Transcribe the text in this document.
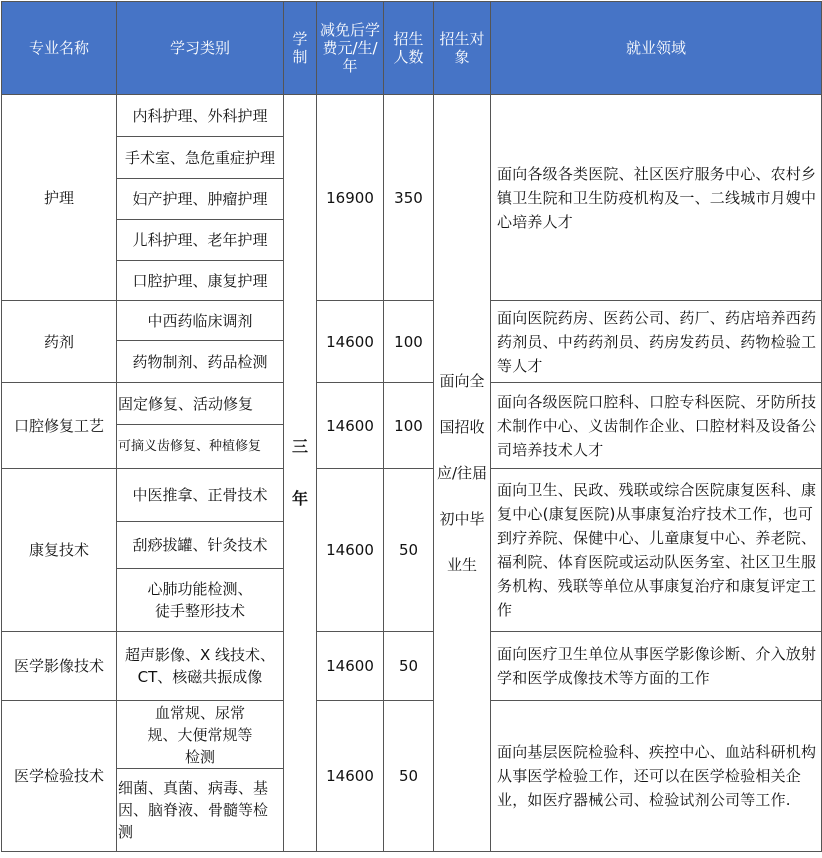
专业名称	学习类别	学制	减免后学费元/生/年	招生人数	招生对象	就业领域
护理	内科护理、外科护理	三年	16900	350	面向全国招收应/往届初中毕业生	面向各级各类医院、社区医疗服务中心、农村乡镇卫生院和卫生防疫机构及一、二线城市月嫂中心培养人才
	手术室、急危重症护理					
	妇产护理、肿瘤护理					
	儿科护理、老年护理					
	口腔护理、康复护理					
药剂	中西药临床调剂		14600	100		面向医院药房、医药公司、药厂、药店培养西药药剂员、中药药剂员、药房发药员、药物检验工等人才
	药物制剂、药品检测					
口腔修复工艺	固定修复、活动修复		14600	100		面向各级医院口腔科、口腔专科医院、牙防所技术制作中心、义齿制作企业、口腔材料及设备公司培养技术人才
	可摘义齿修复、种植修复					
康复技术	中医推拿、正骨技术		14600	50		面向卫生、民政、残联或综合医院康复医科、康复中心(康复医院)从事康复治疗技术工作，也可到疗养院、保健中心、儿童康复中心、养老院、福利院、体育医院或运动队医务室、社区卫生服务机构、残联等单位从事康复治疗和康复评定工作
	刮痧拔罐、针灸技术					
	心肺功能检测、徒手整形技术					
医学影像技术	超声影像、X 线技术、CT、核磁共振成像		14600	50		面向医疗卫生单位从事医学影像诊断、介入放射学和医学成像技术等方面的工作
医学检验技术	血常规、尿常规、大便常规等检测		14600	50		面向基层医院检验科、疾控中心、血站科研机构从事医学检验工作，还可以在医学检验相关企业，如医疗器械公司、检验试剂公司等工作.
	细菌、真菌、病毒、基因、脑脊液、骨髓等检测					
